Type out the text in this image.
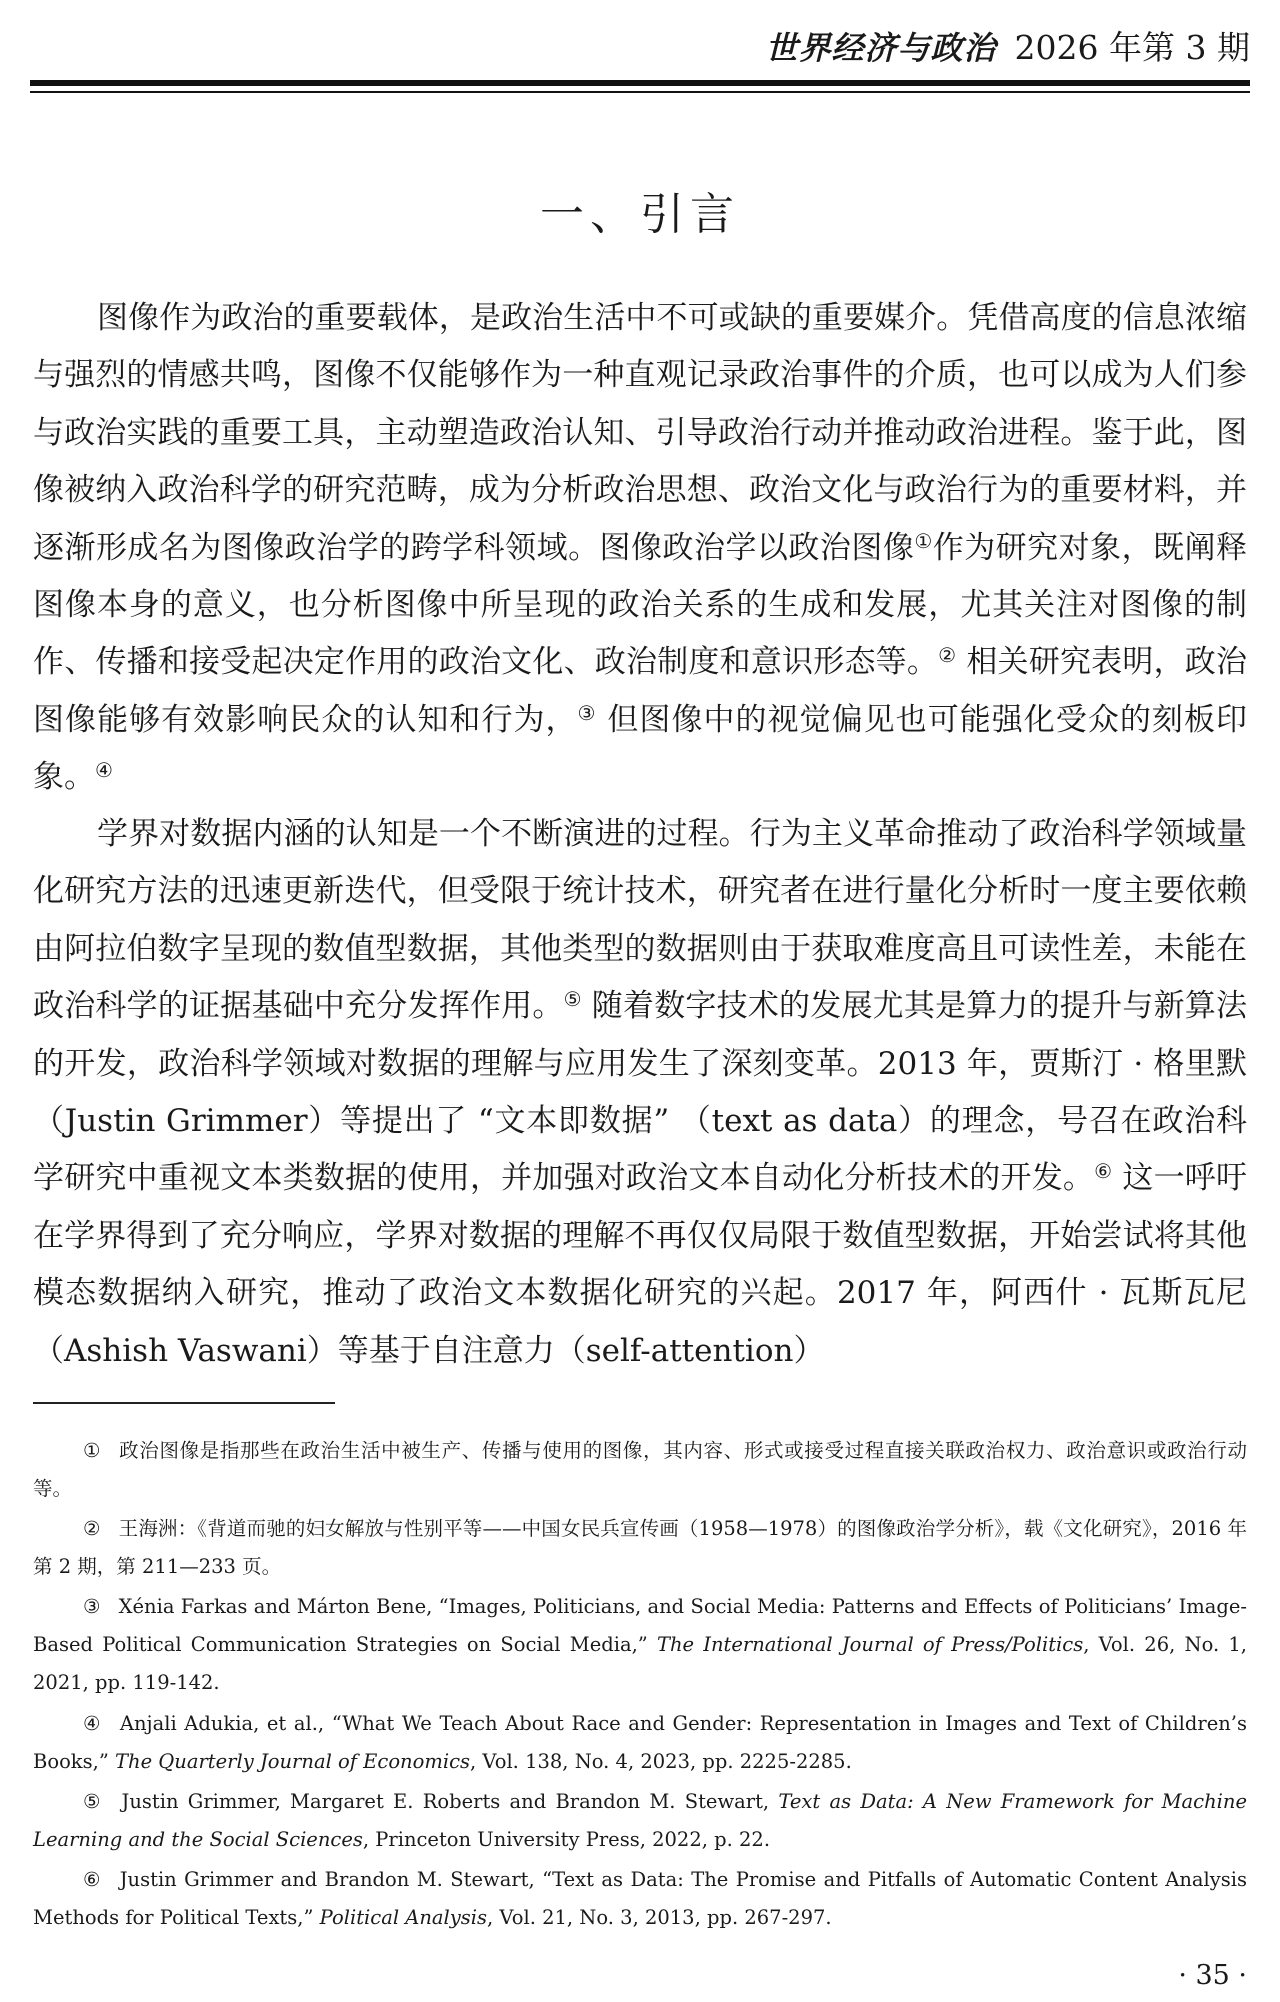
世界经济与政治 2026 年第 3 期
一、引言

图像作为政治的重要载体，是政治生活中不可或缺的重要媒介。凭借高度的信息浓缩与强烈的情感共鸣，图像不仅能够作为一种直观记录政治事件的介质，也可以成为人们参与政治实践的重要工具，主动塑造政治认知、引导政治行动并推动政治进程。鉴于此，图像被纳入政治科学的研究范畴，成为分析政治思想、政治文化与政治行为的重要材料，并逐渐形成名为图像政治学的跨学科领域。图像政治学以政治图像①作为研究对象，既阐释图像本身的意义，也分析图像中所呈现的政治关系的生成和发展，尤其关注对图像的制作、传播和接受起决定作用的政治文化、政治制度和意识形态等。② 相关研究表明，政治图像能够有效影响民众的认知和行为，③ 但图像中的视觉偏见也可能强化受众的刻板印象。④

学界对数据内涵的认知是一个不断演进的过程。行为主义革命推动了政治科学领域量化研究方法的迅速更新迭代，但受限于统计技术，研究者在进行量化分析时一度主要依赖由阿拉伯数字呈现的数值型数据，其他类型的数据则由于获取难度高且可读性差，未能在政治科学的证据基础中充分发挥作用。⑤ 随着数字技术的发展尤其是算力的提升与新算法的开发，政治科学领域对数据的理解与应用发生了深刻变革。2013 年，贾斯汀 · 格里默（Justin Grimmer）等提出了 “文本即数据” （text as data）的理念，号召在政治科学研究中重视文本类数据的使用，并加强对政治文本自动化分析技术的开发。⑥ 这一呼吁在学界得到了充分响应，学界对数据的理解不再仅仅局限于数值型数据，开始尝试将其他模态数据纳入研究，推动了政治文本数据化研究的兴起。2017 年，阿西什 · 瓦斯瓦尼（Ashish Vaswani）等基于自注意力（self-attention）

① 政治图像是指那些在政治生活中被生产、传播与使用的图像，其内容、形式或接受过程直接关联政治权力、政治意识或政治行动等。

② 王海洲：《背道而驰的妇女解放与性别平等——中国女民兵宣传画（1958—1978）的图像政治学分析》，载《文化研究》，2016 年第 2 期，第 211—233 页。

③ Xénia Farkas and Márton Bene, “Images, Politicians, and Social Media: Patterns and Effects of Politicians’ Image-Based Political Communication Strategies on Social Media,” The International Journal of Press/Politics, Vol. 26, No. 1, 2021, pp. 119-142.

④ Anjali Adukia, et al., “What We Teach About Race and Gender: Representation in Images and Text of Children’s Books,” The Quarterly Journal of Economics, Vol. 138, No. 4, 2023, pp. 2225-2285.

⑤ Justin Grimmer, Margaret E. Roberts and Brandon M. Stewart, Text as Data: A New Framework for Machine Learning and the Social Sciences, Princeton University Press, 2022, p. 22.

⑥ Justin Grimmer and Brandon M. Stewart, “Text as Data: The Promise and Pitfalls of Automatic Content Analysis Methods for Political Texts,” Political Analysis, Vol. 21, No. 3, 2013, pp. 267-297.

· 35 ·
